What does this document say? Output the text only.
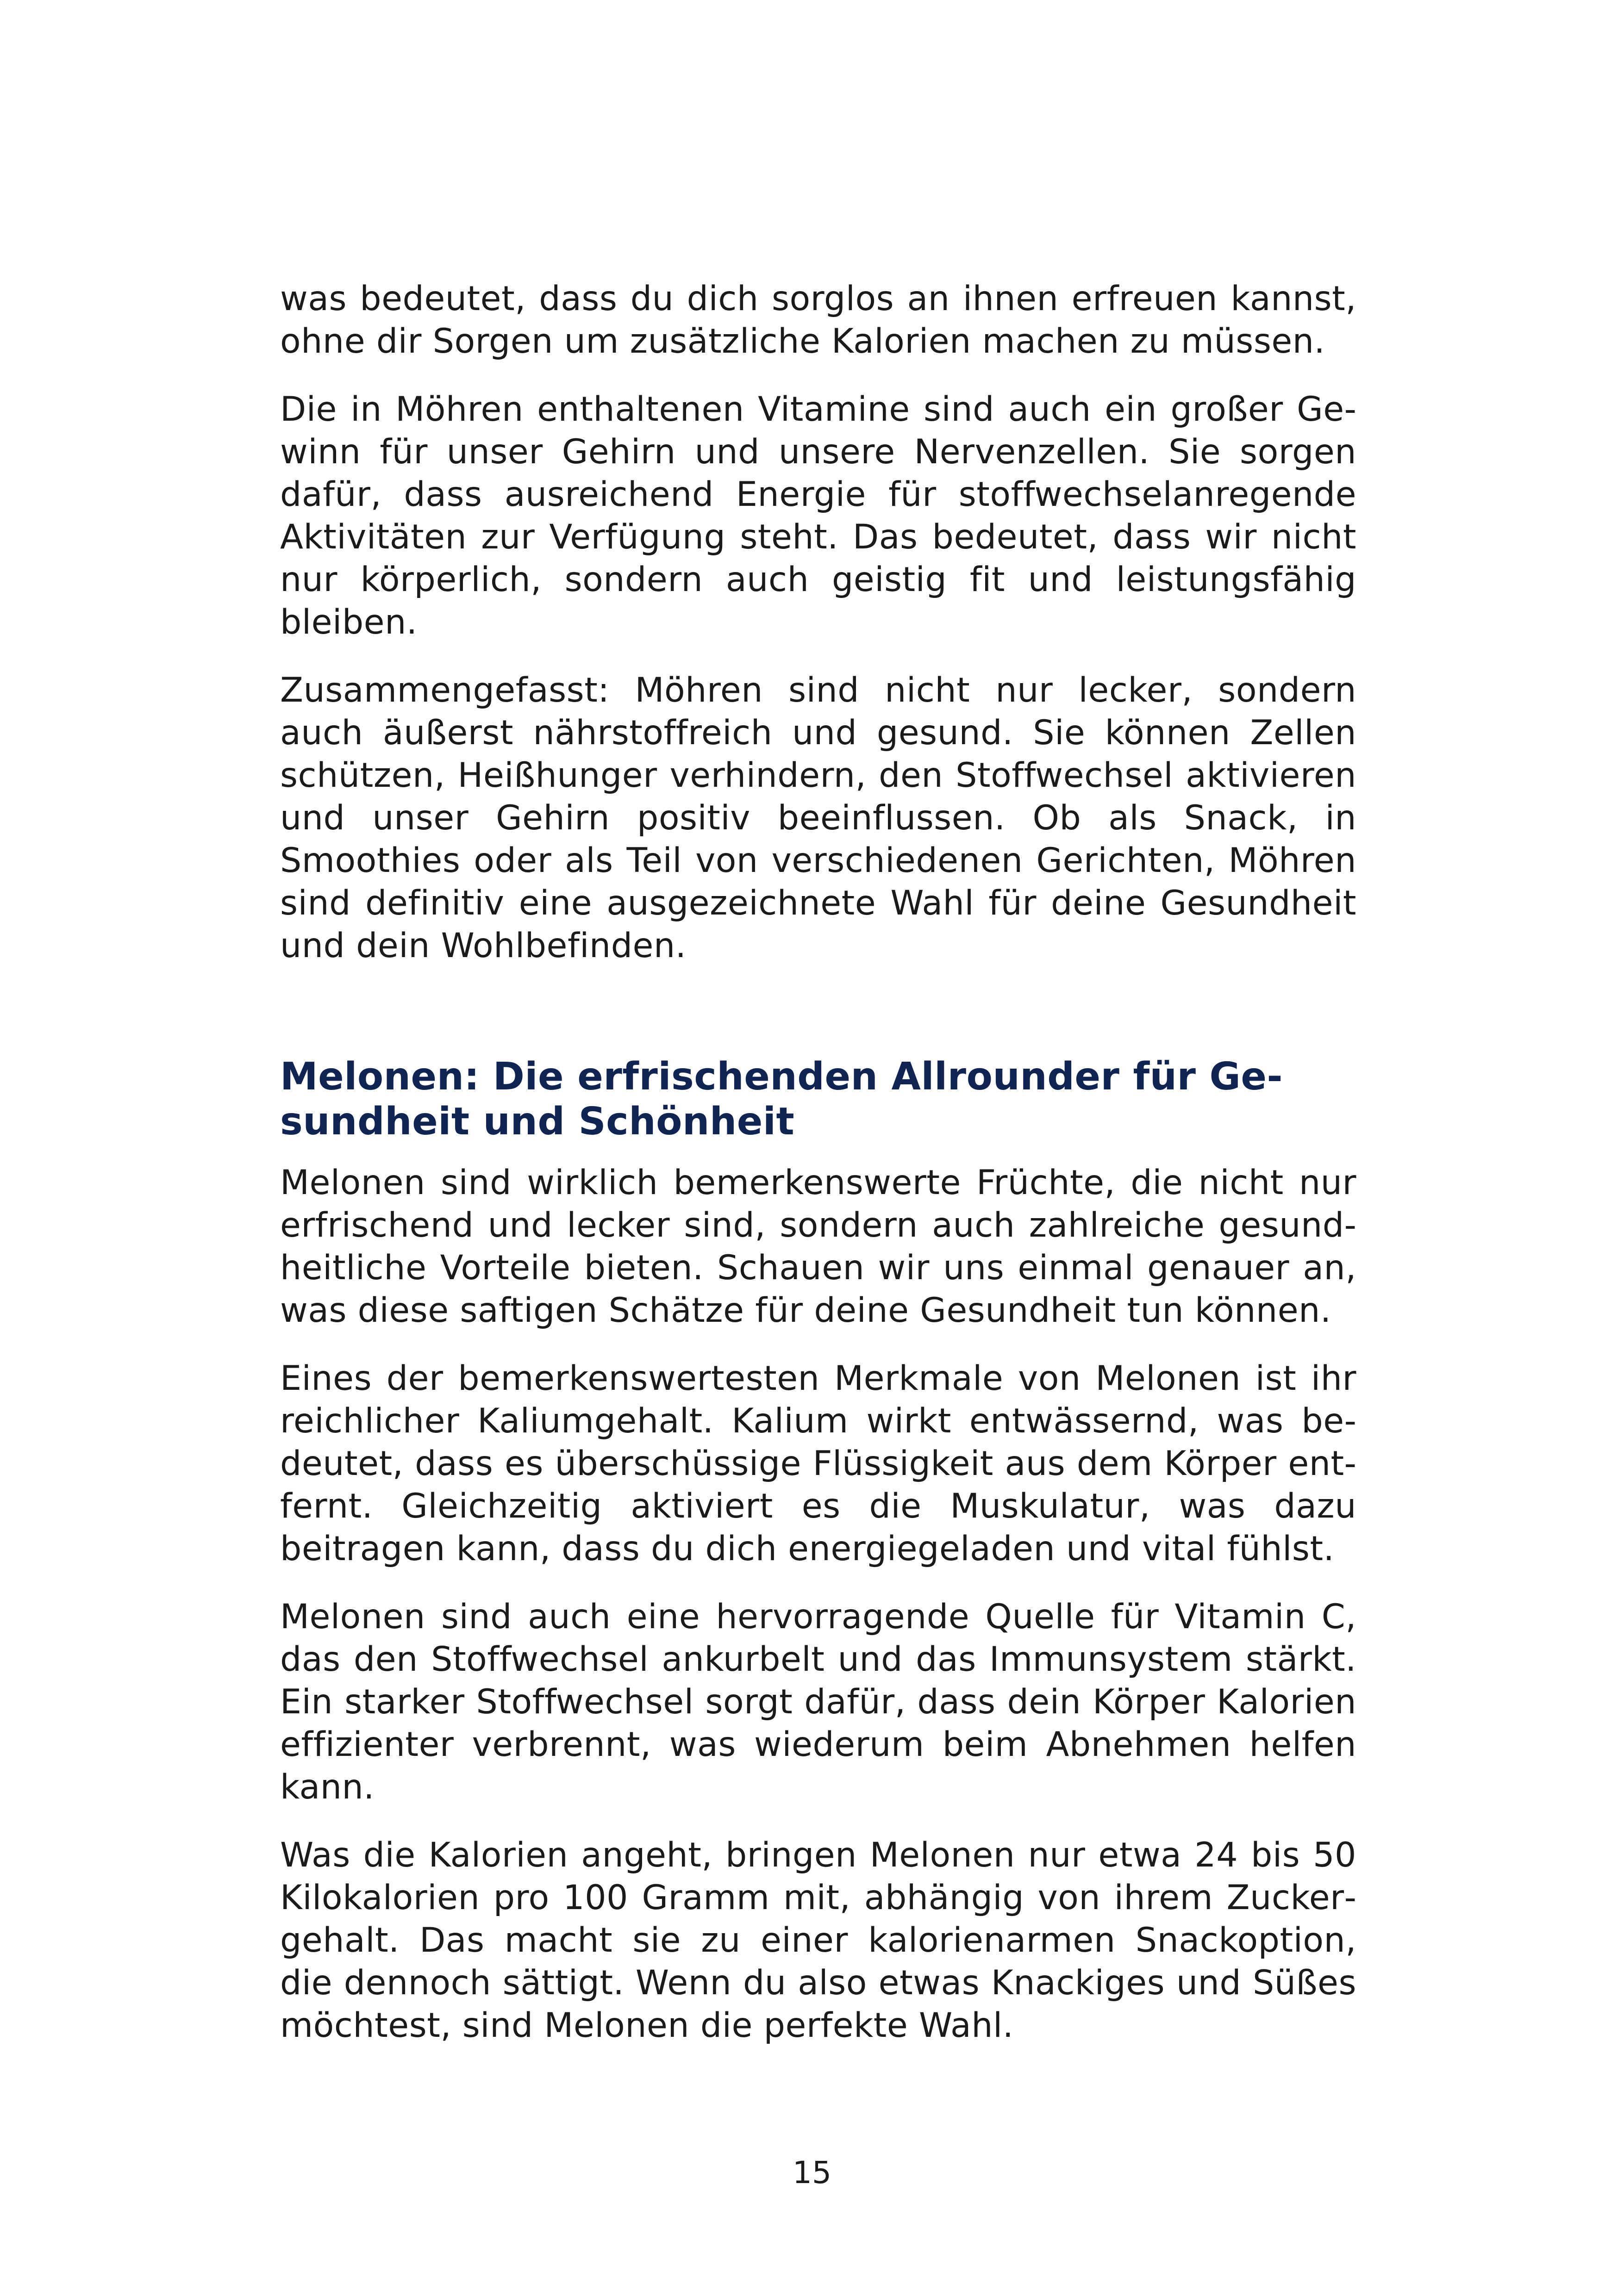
was bedeutet, dass du dich sorglos an ihnen erfreuen kannst, ohne dir Sorgen um zusätzliche Kalorien machen zu müssen.

Die in Möhren enthaltenen Vitamine sind auch ein großer Gewinn für unser Gehirn und unsere Nervenzellen. Sie sorgen dafür, dass ausreichend Energie für stoffwechselanregende Aktivitäten zur Verfügung steht. Das bedeutet, dass wir nicht nur körperlich, sondern auch geistig fit und leistungsfähig bleiben.

Zusammengefasst: Möhren sind nicht nur lecker, sondern auch äußerst nährstoffreich und gesund. Sie können Zellen schützen, Heißhunger verhindern, den Stoffwechsel aktivieren und unser Gehirn positiv beeinflussen. Ob als Snack, in Smoothies oder als Teil von verschiedenen Gerichten, Möhren sind definitiv eine ausgezeichnete Wahl für deine Gesundheit und dein Wohlbefinden.

Melonen: Die erfrischenden Allrounder für Gesundheit und Schönheit

Melonen sind wirklich bemerkenswerte Früchte, die nicht nur erfrischend und lecker sind, sondern auch zahlreiche gesundheitliche Vorteile bieten. Schauen wir uns einmal genauer an, was diese saftigen Schätze für deine Gesundheit tun können.

Eines der bemerkenswertesten Merkmale von Melonen ist ihr reichlicher Kaliumgehalt. Kalium wirkt entwässernd, was bedeutet, dass es überschüssige Flüssigkeit aus dem Körper entfernt. Gleichzeitig aktiviert es die Muskulatur, was dazu beitragen kann, dass du dich energiegeladen und vital fühlst.

Melonen sind auch eine hervorragende Quelle für Vitamin C, das den Stoffwechsel ankurbelt und das Immunsystem stärkt. Ein starker Stoffwechsel sorgt dafür, dass dein Körper Kalorien effizienter verbrennt, was wiederum beim Abnehmen helfen kann.

Was die Kalorien angeht, bringen Melonen nur etwa 24 bis 50 Kilokalorien pro 100 Gramm mit, abhängig von ihrem Zuckergehalt. Das macht sie zu einer kalorienarmen Snackoption, die dennoch sättigt. Wenn du also etwas Knackiges und Süßes möchtest, sind Melonen die perfekte Wahl.

15
